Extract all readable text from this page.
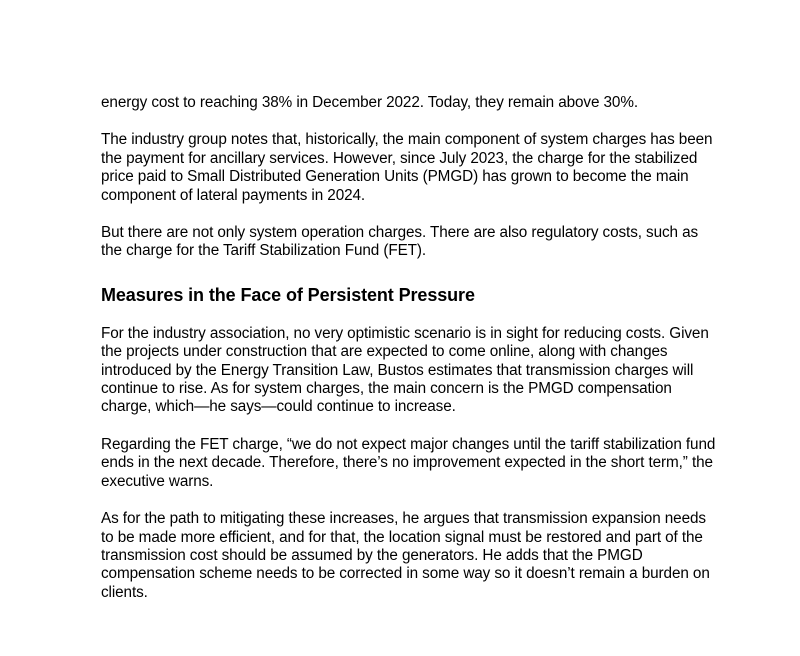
energy cost to reaching 38% in December 2022. Today, they remain above 30%.

The industry group notes that, historically, the main component of system charges has been the payment for ancillary services. However, since July 2023, the charge for the stabilized price paid to Small Distributed Generation Units (PMGD) has grown to become the main component of lateral payments in 2024.

But there are not only system operation charges. There are also regulatory costs, such as the charge for the Tariff Stabilization Fund (FET).

Measures in the Face of Persistent Pressure

For the industry association, no very optimistic scenario is in sight for reducing costs. Given the projects under construction that are expected to come online, along with changes introduced by the Energy Transition Law, Bustos estimates that transmission charges will continue to rise. As for system charges, the main concern is the PMGD compensation charge, which—he says—could continue to increase.

Regarding the FET charge, “we do not expect major changes until the tariff stabilization fund ends in the next decade. Therefore, there’s no improvement expected in the short term,” the executive warns.

As for the path to mitigating these increases, he argues that transmission expansion needs to be made more efficient, and for that, the location signal must be restored and part of the transmission cost should be assumed by the generators. He adds that the PMGD compensation scheme needs to be corrected in some way so it doesn’t remain a burden on clients.
